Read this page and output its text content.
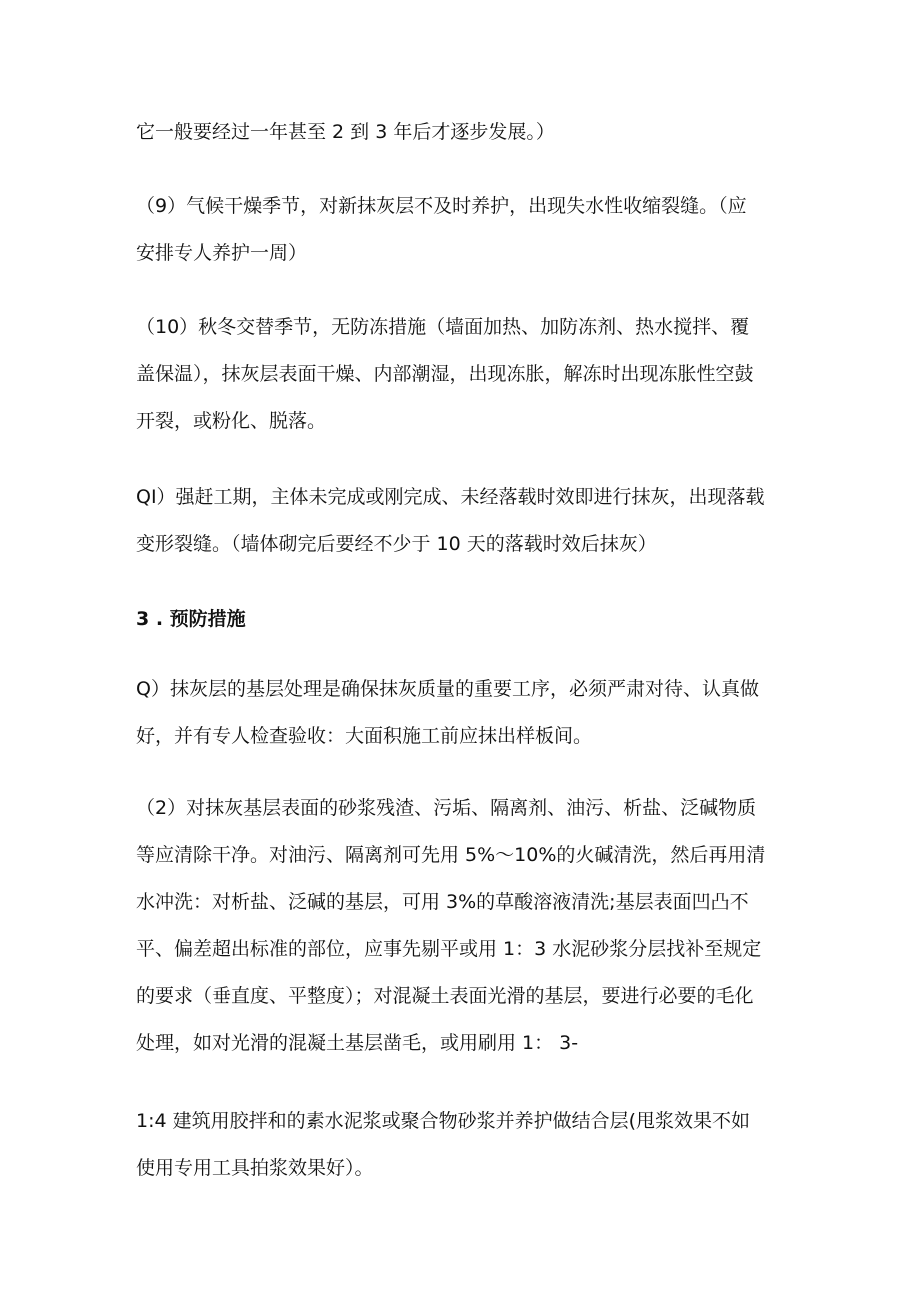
它一般要经过一年甚至 2 到 3 年后才逐步发展。）

（9）气候干燥季节，对新抹灰层不及时养护，出现失水性收缩裂缝。（应
安排专人养护一周）

（10）秋冬交替季节，无防冻措施（墙面加热、加防冻剂、热水搅拌、覆
盖保温），抹灰层表面干燥、内部潮湿，出现冻胀，解冻时出现冻胀性空鼓
开裂，或粉化、脱落。

QI）强赶工期，主体未完成或刚完成、未经落载时效即进行抹灰，出现落载
变形裂缝。（墙体砌完后要经不少于 10 天的落载时效后抹灰）

3 . 预防措施

Q）抹灰层的基层处理是确保抹灰质量的重要工序，必须严肃对待、认真做
好，并有专人检查验收：大面积施工前应抹出样板间。

（2）对抹灰基层表面的砂浆残渣、污垢、隔离剂、油污、析盐、泛碱物质
等应清除干净。对油污、隔离剂可先用 5%～10%的火碱清洗，然后再用清
水冲洗：对析盐、泛碱的基层，可用 3%的草酸溶液清洗;基层表面凹凸不
平、偏差超出标准的部位，应事先剔平或用 1：3 水泥砂浆分层找补至规定
的要求（垂直度、平整度）；对混凝土表面光滑的基层，要进行必要的毛化
处理，如对光滑的混凝土基层凿毛，或用刷用 1： 3-

1:4 建筑用胶拌和的素水泥浆或聚合物砂浆并养护做结合层(甩浆效果不如
使用专用工具拍浆效果好）。
